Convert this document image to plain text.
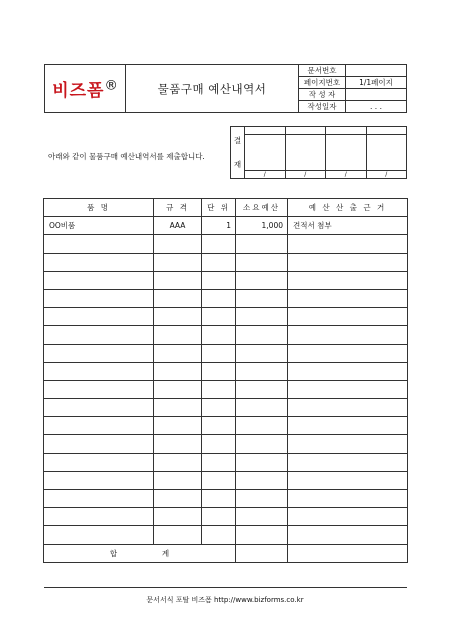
비즈폼®	물품구매 예산내역서	문서번호	
		페이지번호	1/1페이지
		작 성 자	
		작성일자	. . .
아래와 같이 물품구매 예산내역서를 제출합니다.
결
재				

	/	/	/	/
품 명	규 격	단 위	소요예산	예 산 산 출 근 거
OO비품	AAA	1	1,000	견적서 첨부

합 계				
문서서식 포탈 비즈폼 http://www.bizforms.co.kr
